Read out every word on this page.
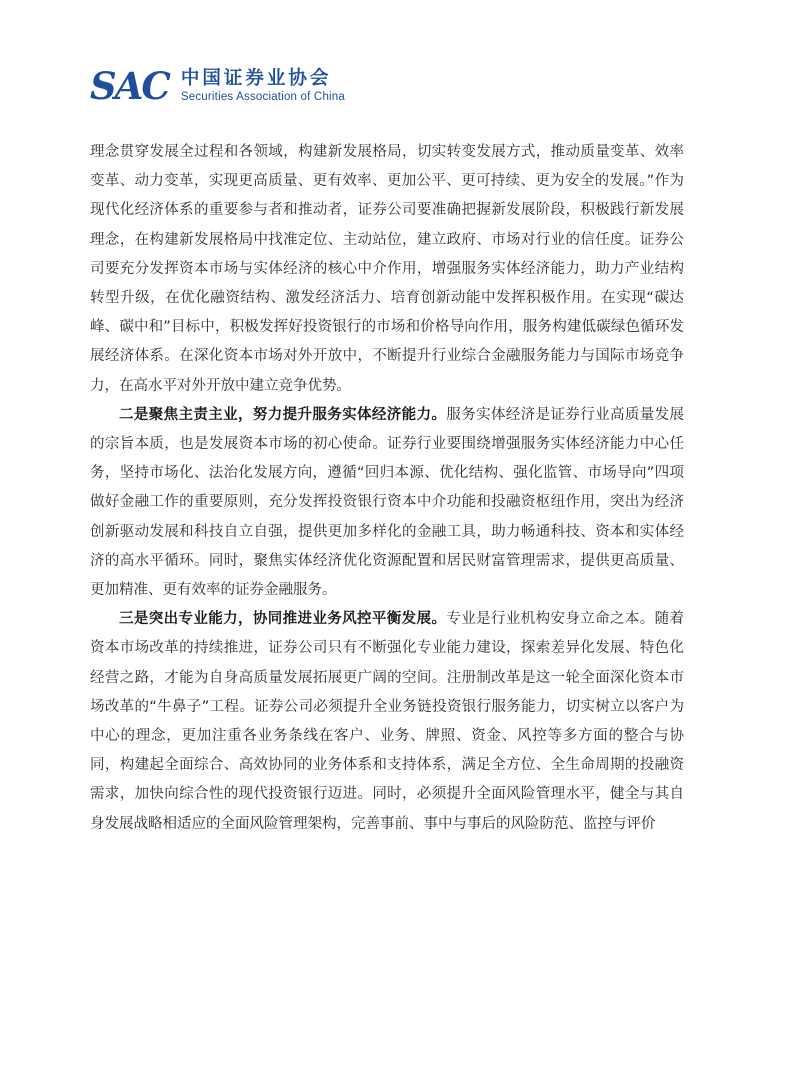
SAC 中国证券业协会
Securities Association of China

理念贯穿发展全过程和各领域，构建新发展格局，切实转变发展方式，推动质量变革、效率变革、动力变革，实现更高质量、更有效率、更加公平、更可持续、更为安全的发展。”作为现代化经济体系的重要参与者和推动者，证券公司要准确把握新发展阶段，积极践行新发展理念，在构建新发展格局中找准定位、主动站位，建立政府、市场对行业的信任度。证券公司要充分发挥资本市场与实体经济的核心中介作用，增强服务实体经济能力，助力产业结构转型升级，在优化融资结构、激发经济活力、培育创新动能中发挥积极作用。在实现“碳达峰、碳中和”目标中，积极发挥好投资银行的市场和价格导向作用，服务构建低碳绿色循环发展经济体系。在深化资本市场对外开放中，不断提升行业综合金融服务能力与国际市场竞争力，在高水平对外开放中建立竞争优势。

二是聚焦主责主业，努力提升服务实体经济能力。服务实体经济是证券行业高质量发展的宗旨本质，也是发展资本市场的初心使命。证券行业要围绕增强服务实体经济能力中心任务，坚持市场化、法治化发展方向，遵循“回归本源、优化结构、强化监管、市场导向”四项做好金融工作的重要原则，充分发挥投资银行资本中介功能和投融资枢纽作用，突出为经济创新驱动发展和科技自立自强，提供更加多样化的金融工具，助力畅通科技、资本和实体经济的高水平循环。同时，聚焦实体经济优化资源配置和居民财富管理需求，提供更高质量、更加精准、更有效率的证券金融服务。

三是突出专业能力，协同推进业务风控平衡发展。专业是行业机构安身立命之本。随着资本市场改革的持续推进，证券公司只有不断强化专业能力建设，探索差异化发展、特色化经营之路，才能为自身高质量发展拓展更广阔的空间。注册制改革是这一轮全面深化资本市场改革的“牛鼻子”工程。证券公司必须提升全业务链投资银行服务能力，切实树立以客户为中心的理念，更加注重各业务条线在客户、业务、牌照、资金、风控等多方面的整合与协同，构建起全面综合、高效协同的业务体系和支持体系，满足全方位、全生命周期的投融资需求，加快向综合性的现代投资银行迈进。同时，必须提升全面风险管理水平，健全与其自身发展战略相适应的全面风险管理架构，完善事前、事中与事后的风险防范、监控与评价
